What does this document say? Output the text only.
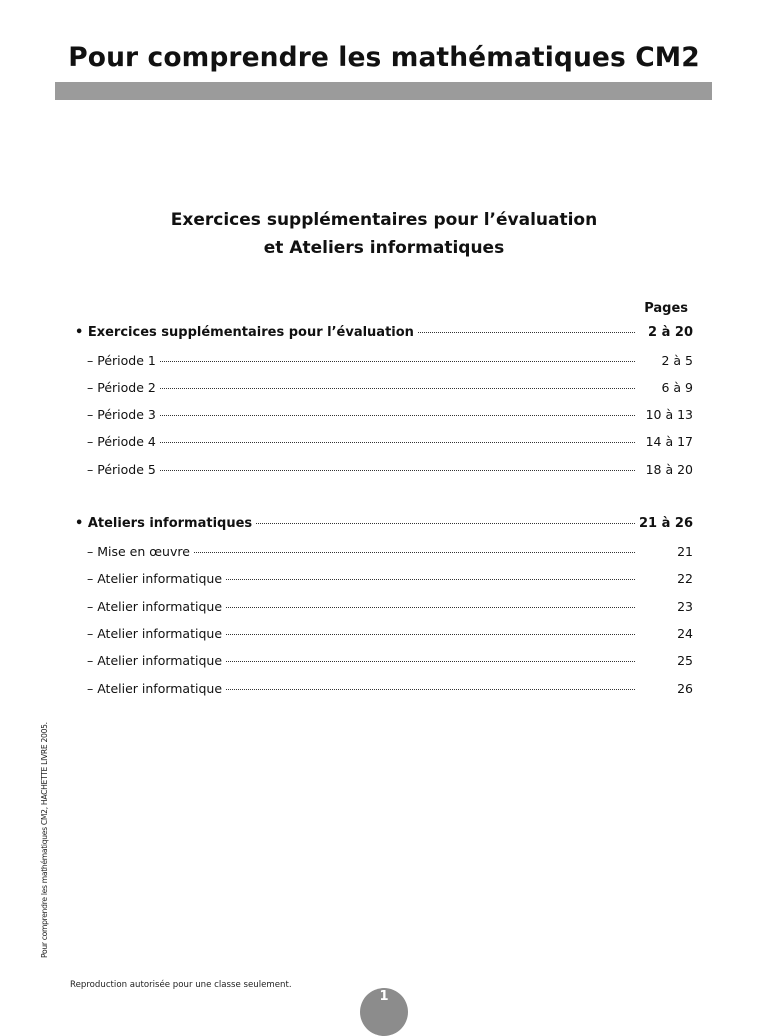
Pour comprendre les mathématiques CM2
Exercices supplémentaires pour l’évaluation
et Ateliers informatiques
Pages
• Exercices supplémentaires pour l’évaluation	2 à 20
– Période 1	2 à 5
– Période 2	6 à 9
– Période 3	10 à 13
– Période 4	14 à 17
– Période 5	18 à 20
• Ateliers informatiques	21 à 26
– Mise en œuvre	21
– Atelier informatique	22
– Atelier informatique	23
– Atelier informatique	24
– Atelier informatique	25
– Atelier informatique	26
Pour comprendre les mathématiques CM2, HACHETTE LIVRE 2005.
Reproduction autorisée pour une classe seulement.
1
